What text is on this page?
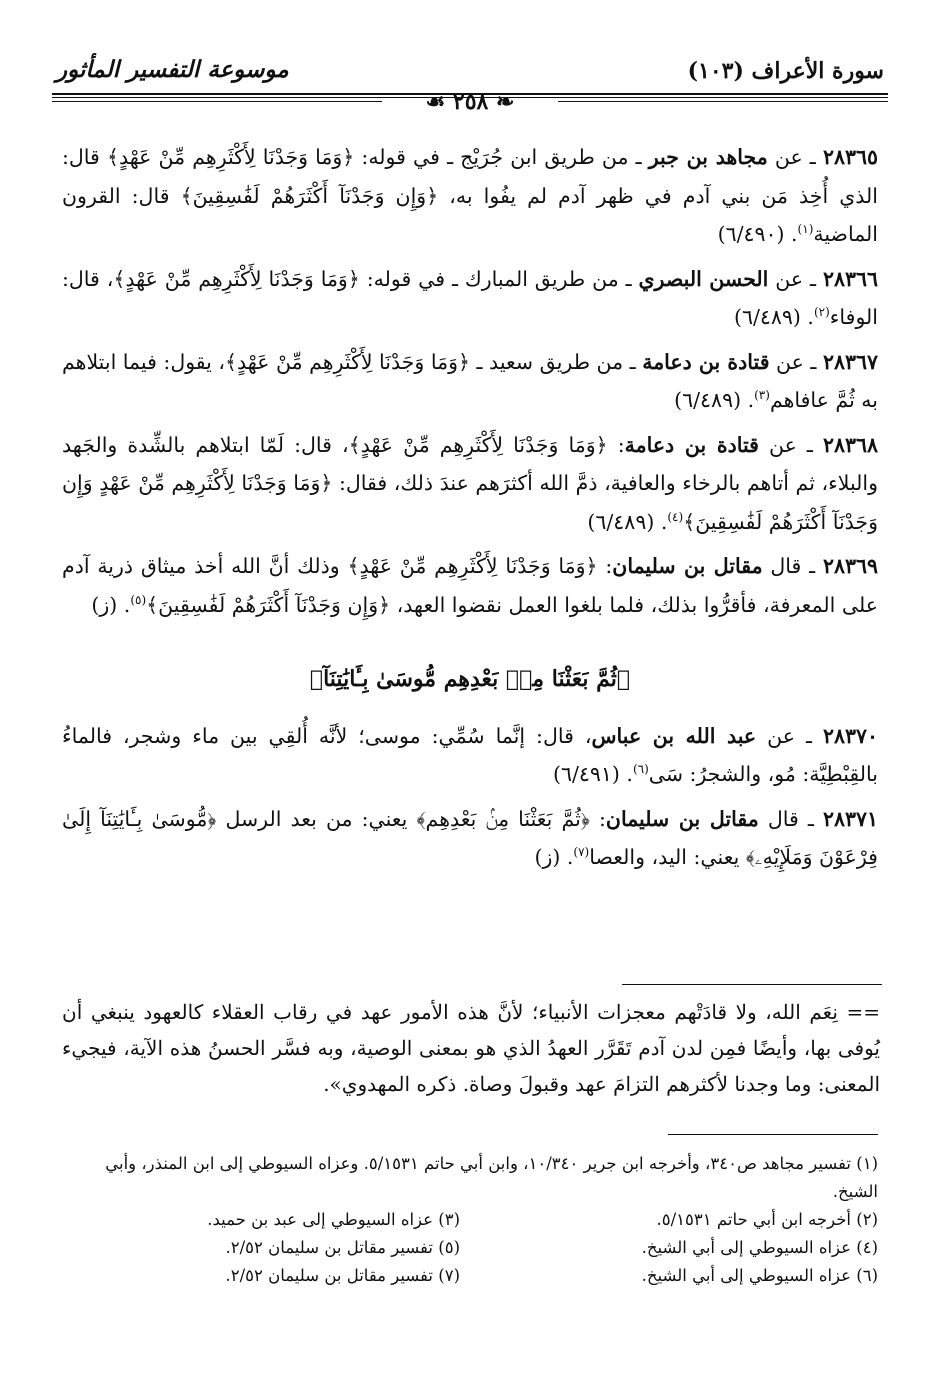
سورة الأعراف (١٠٣)
موسوعة التفسير المأثور
❧ ٢٥٨ ☙

٢٨٣٦٥ ـ عن مجاهد بن جبر ـ من طريق ابن جُرَيْج ـ في قوله: ﴿وَمَا وَجَدْنَا لِأَكْثَرِهِم مِّنْ عَهْدٍ﴾ قال: الذي أُخِذ مَن بني آدم في ظهر آدم لم يفُوا به، ﴿وَإِن وَجَدْنَآ أَكْثَرَهُمْ لَفَٰسِقِينَ﴾ قال: القرون الماضية$^{(١)}$. (٦/٤٩٠)

٢٨٣٦٦ ـ عن الحسن البصري ـ من طريق المبارك ـ في قوله: ﴿وَمَا وَجَدْنَا لِأَكْثَرِهِم مِّنْ عَهْدٍ﴾، قال: الوفاء$^{(٢)}$. (٦/٤٨٩)

٢٨٣٦٧ ـ عن قتادة بن دعامة ـ من طريق سعيد ـ ﴿وَمَا وَجَدْنَا لِأَكْثَرِهِم مِّنْ عَهْدٍ﴾، يقول: فيما ابتلاهم به ثُمَّ عافاهم$^{(٣)}$. (٦/٤٨٩)

٢٨٣٦٨ ـ عن قتادة بن دعامة: ﴿وَمَا وَجَدْنَا لِأَكْثَرِهِم مِّنْ عَهْدٍ﴾، قال: لَمّا ابتلاهم بالشِّدة والجَهد والبلاء، ثم أتاهم بالرخاء والعافية، ذمَّ الله أكثرَهم عندَ ذلك، فقال: ﴿وَمَا وَجَدْنَا لِأَكْثَرِهِم مِّنْ عَهْدٍ وَإِن وَجَدْنَآ أَكْثَرَهُمْ لَفَٰسِقِينَ﴾$^{(٤)}$. (٦/٤٨٩)

٢٨٣٦٩ ـ قال مقاتل بن سليمان: ﴿وَمَا وَجَدْنَا لِأَكْثَرِهِم مِّنْ عَهْدٍ﴾ وذلك أنَّ الله أخذ ميثاق ذرية آدم على المعرفة، فأقرُّوا بذلك، فلما بلغوا العمل نقضوا العهد، ﴿وَإِن وَجَدْنَآ أَكْثَرَهُمْ لَفَٰسِقِينَ﴾$^{(٥)}$. (ز)

﴿ثُمَّ بَعَثْنَا مِنۢ بَعْدِهِم مُّوسَىٰ بِـَٔايَٰتِنَآ﴾

٢٨٣٧٠ ـ عن عبد الله بن عباس، قال: إنَّما سُمِّي: موسى؛ لأنَّه أُلقِي بين ماء وشجر، فالماءُ بالقِبْطِيَّة: مُو، والشجرُ: سَى$^{(٦)}$. (٦/٤٩١)

٢٨٣٧١ ـ قال مقاتل بن سليمان: ﴿ثُمَّ بَعَثْنَا مِنۢ بَعْدِهِم﴾ يعني: من بعد الرسل ﴿مُّوسَىٰ بِـَٔايَٰتِنَآ إِلَىٰ فِرْعَوْنَ وَمَلَإِيْهِۦ﴾ يعني: اليد، والعصا$^{(٧)}$. (ز)

== نِعَم الله، ولا قادَتْهم معجزات الأنبياء؛ لأنَّ هذه الأمور عهد في رقاب العقلاء كالعهود ينبغي أن يُوفى بها، وأيضًا فمِن لدن آدم تَقَرَّر العهدُ الذي هو بمعنى الوصية، وبه فسَّر الحسنُ هذه الآية، فيجيء المعنى: وما وجدنا لأكثرهم التزامَ عهد وقبولَ وصاة. ذكره المهدوي».

(١) تفسير مجاهد ص٣٤٠، وأخرجه ابن جرير ١٠/٣٤٠، وابن أبي حاتم ٥/١٥٣١. وعزاه السيوطي إلى ابن المنذر، وأبي الشيخ.

(٢) أخرجه ابن أبي حاتم ٥/١٥٣١.
(٣) عزاه السيوطي إلى عبد بن حميد.
(٤) عزاه السيوطي إلى أبي الشيخ.
(٥) تفسير مقاتل بن سليمان ٢/٥٢.
(٦) عزاه السيوطي إلى أبي الشيخ.
(٧) تفسير مقاتل بن سليمان ٢/٥٢.
